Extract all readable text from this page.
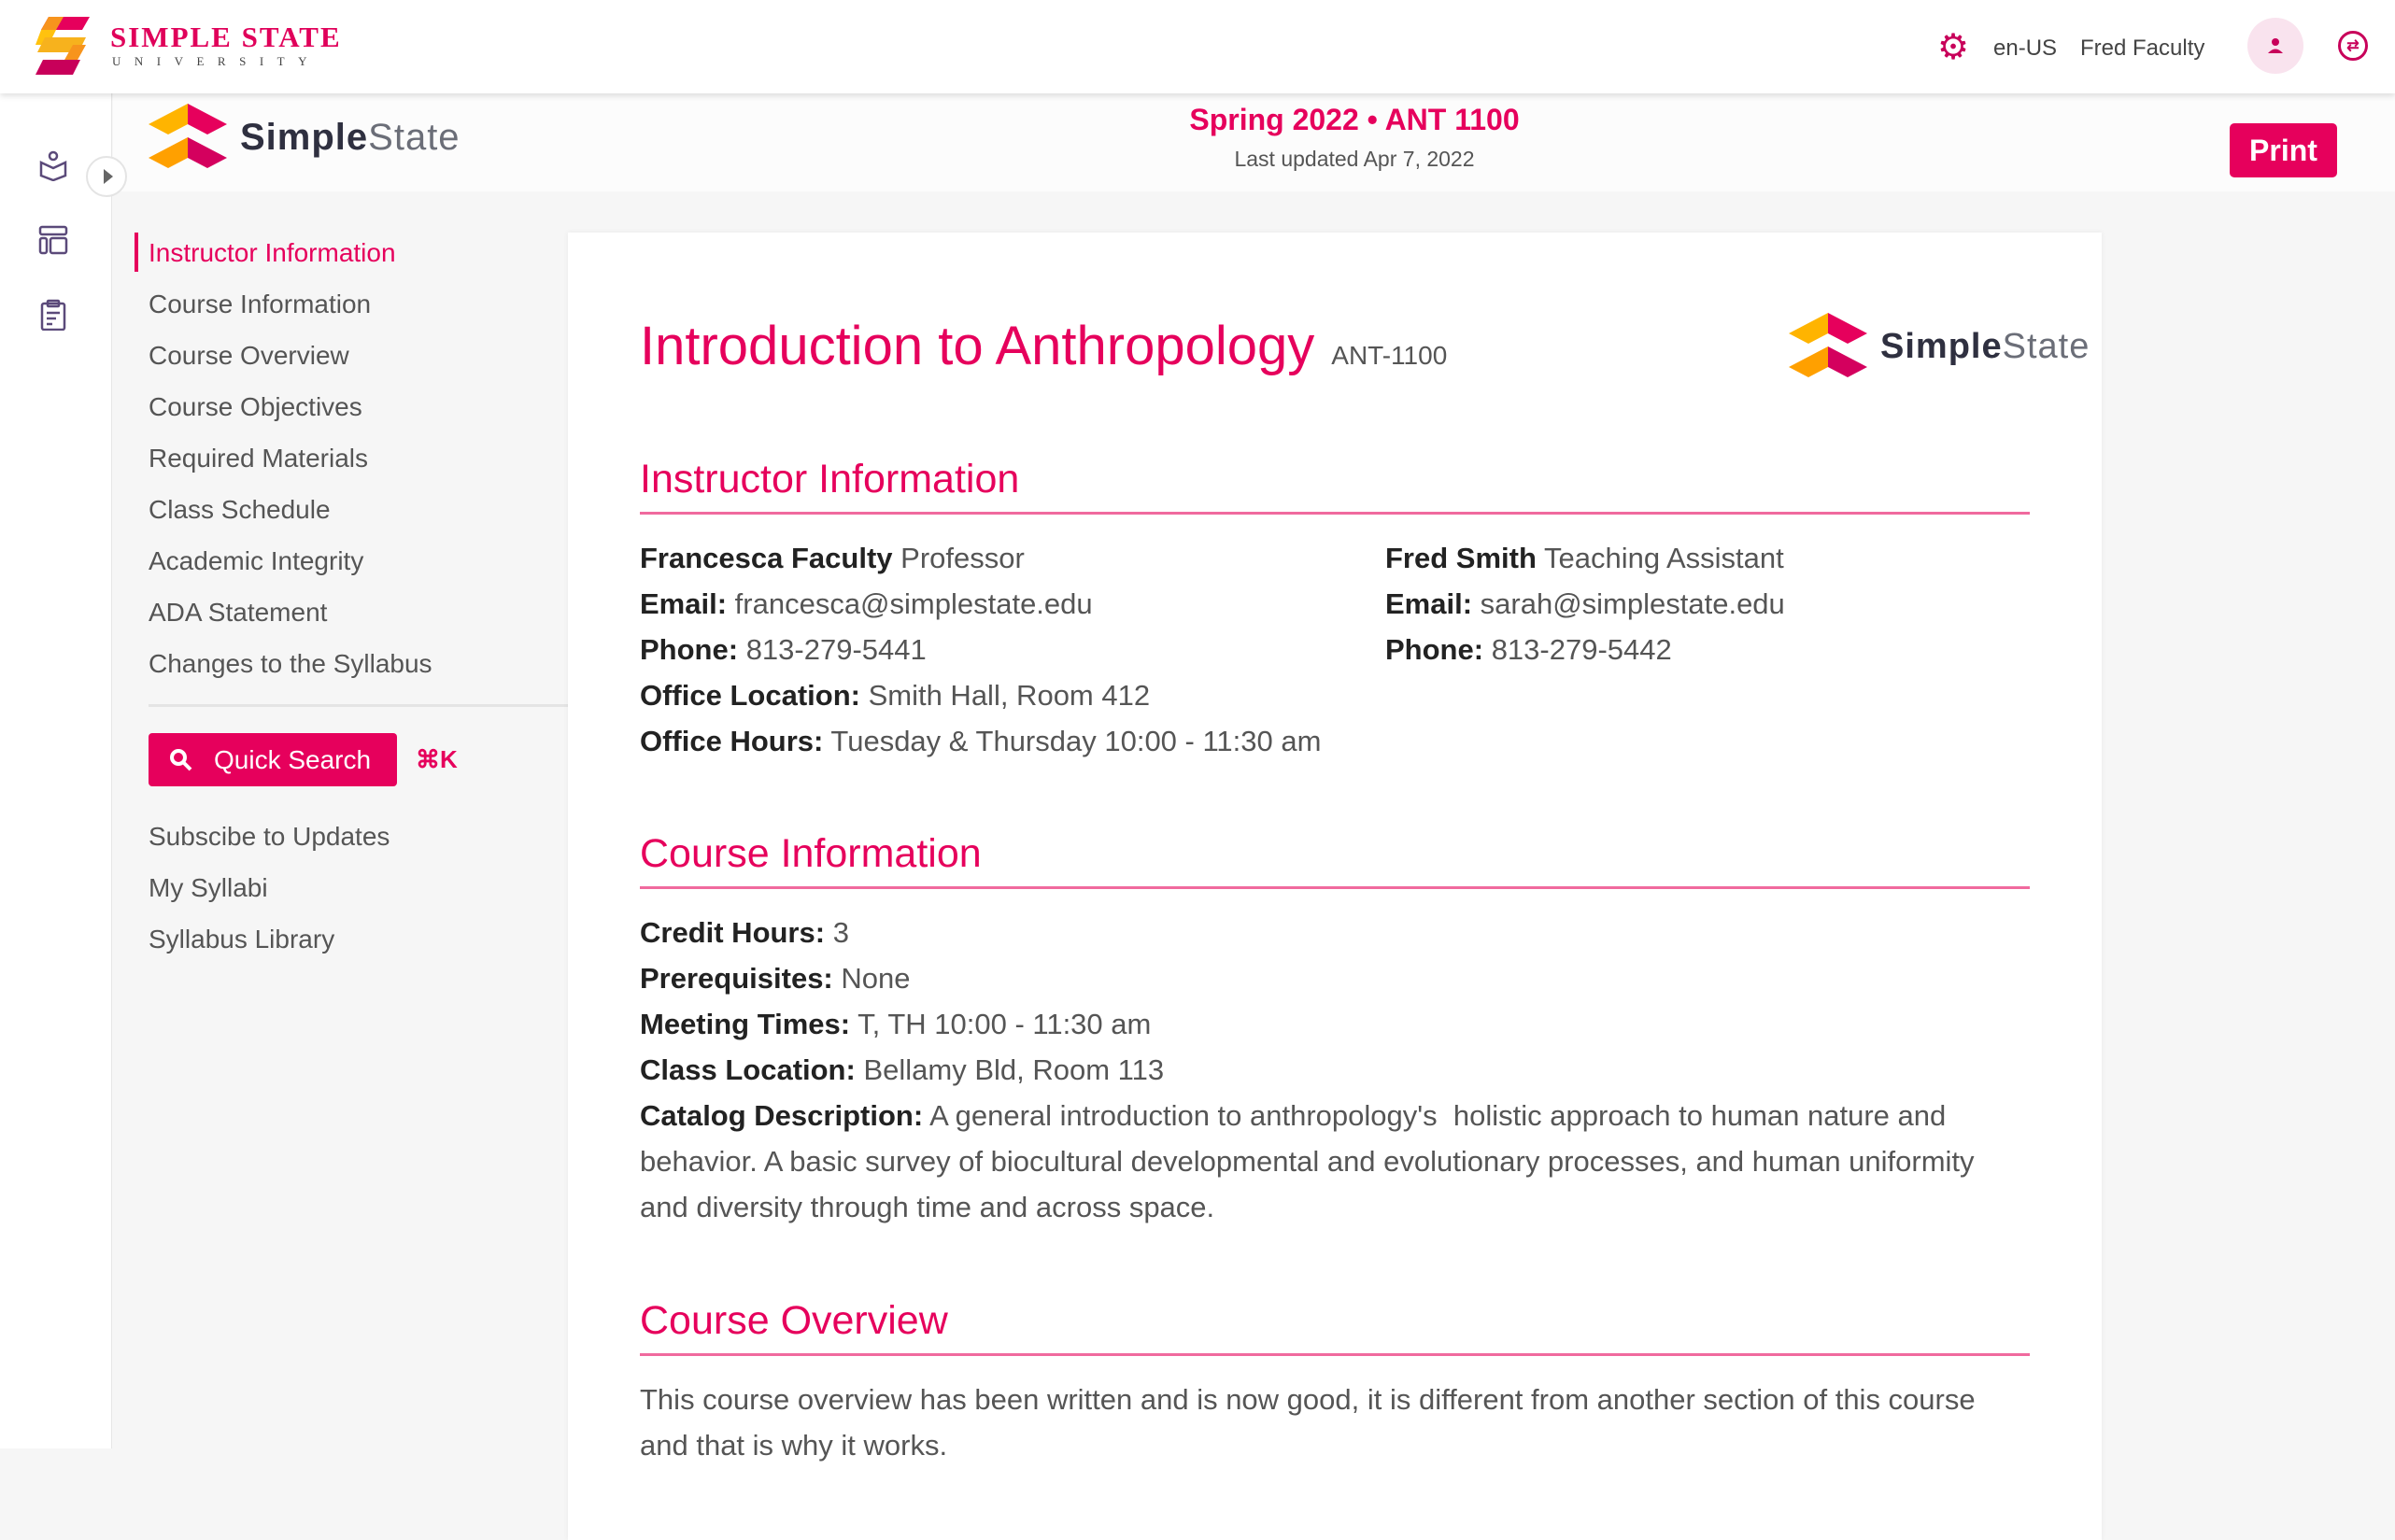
SIMPLE STATE
UNIVERSITY	⚙ en-US Fred Faculty	⇄
SimpleState	Spring 2022 • ANT 1100
Last updated Apr 7, 2022	Print
Instructor Information
Course Information
Course Overview
Course Objectives
Required Materials
Class Schedule
Academic Integrity
ADA Statement
Changes to the Syllabus
Quick Search ⌘K
Subscibe to Updates
My Syllabi
Syllabus Library
Introduction to Anthropology ANT-1100	SimpleState
Instructor Information

Francesca Faculty Professor

Email: francesca@simplestate.edu

Phone: 813-279-5441

Office Location: Smith Hall, Room 412

Office Hours: Tuesday & Thursday 10:00 - 11:30 am

Fred Smith Teaching Assistant

Email: sarah@simplestate.edu

Phone: 813-279-5442

Course Information

Credit Hours: 3

Prerequisites: None

Meeting Times: T, TH 10:00 - 11:30 am

Class Location: Bellamy Bld, Room 113

Catalog Description: A general introduction to anthropology's  holistic approach to human nature and behavior. A basic survey of biocultural developmental and evolutionary processes, and human uniformity and diversity through time and across space.

Course Overview

This course overview has been written and is now good, it is different from another section of this course and that is why it works.
